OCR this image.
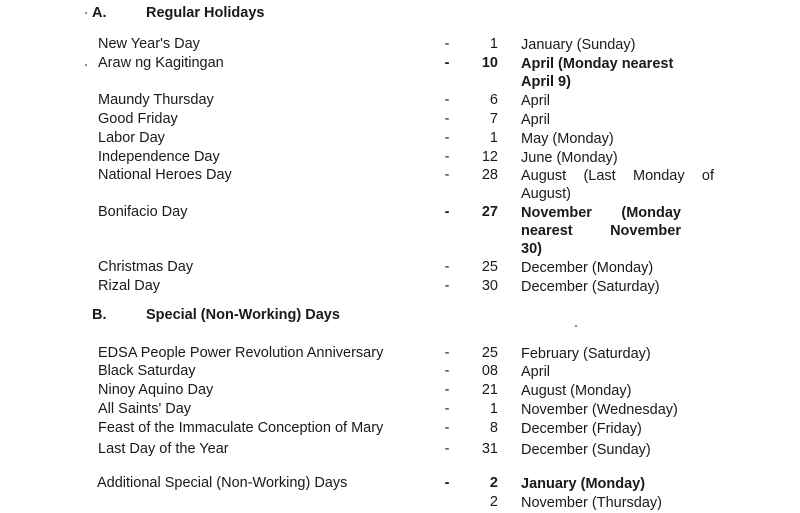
A.	Regular Holidays
New Year's Day	-	1 January (Sunday)
Araw ng Kagitingan	-	10 April (Monday nearest
April 9)
Maundy Thursday	-	6 April
Good Friday	-	7 April
Labor Day	-	1 May (Monday)
Independence Day	-	12 June (Monday)
National Heroes Day	-	28 August (Last Monday of
August)
Bonifacio Day	-	27 November (Monday
nearest November
30)
Christmas Day	-	25 December (Monday)
Rizal Day	-	30 December (Saturday)
B.	Special (Non-Working) Days
EDSA People Power Revolution Anniversary	-	25 February (Saturday)
Black Saturday	-	08 April
Ninoy Aquino Day	-	21 August (Monday)
All Saints' Day	-	1 November (Wednesday)
Feast of the Immaculate Conception of Mary	-	8 December (Friday)
Last Day of the Year	-	31 December (Sunday)
Additional Special (Non-Working) Days	-	2 January (Monday)
2 November (Thursday)
